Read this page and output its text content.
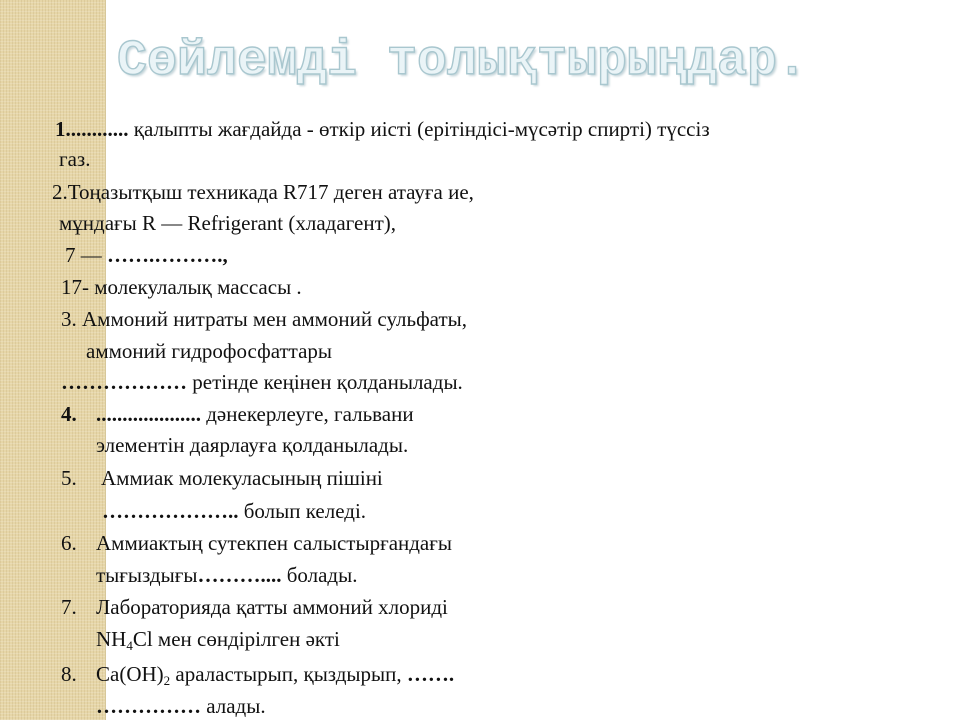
Сөйлемді толықтырыңдар.
1............ қалыпты жағдайда - өткір иісті (ерітіндісі-мүсәтір спирті) түссіз
газ.
2.Тоңазытқыш техникада R717 деген атауға ие,
мұндағы R — Refrigerant (хладагент),
7 — …….……….,
17- молекулалық массасы .
3. Аммоний нитраты мен аммоний сульфаты,
аммоний гидрофосфаттары
……………… ретінде кеңінен қолданылады.
4. .................... дәнекерлеуге, гальвани
элементін даярлауға қолданылады.
5. Аммиак молекуласының пішіні
……………….. болып келеді.
6. Аммиактың сутекпен салыстырғандағы
тығыздығы……….... болады.
7. Лабораторияда қатты аммоний хлориді
$NH_4Cl$ мен сөндірілген әкті
8. $Ca(OH)_2$ араластырып, қыздырып, …….
…………… алады.
